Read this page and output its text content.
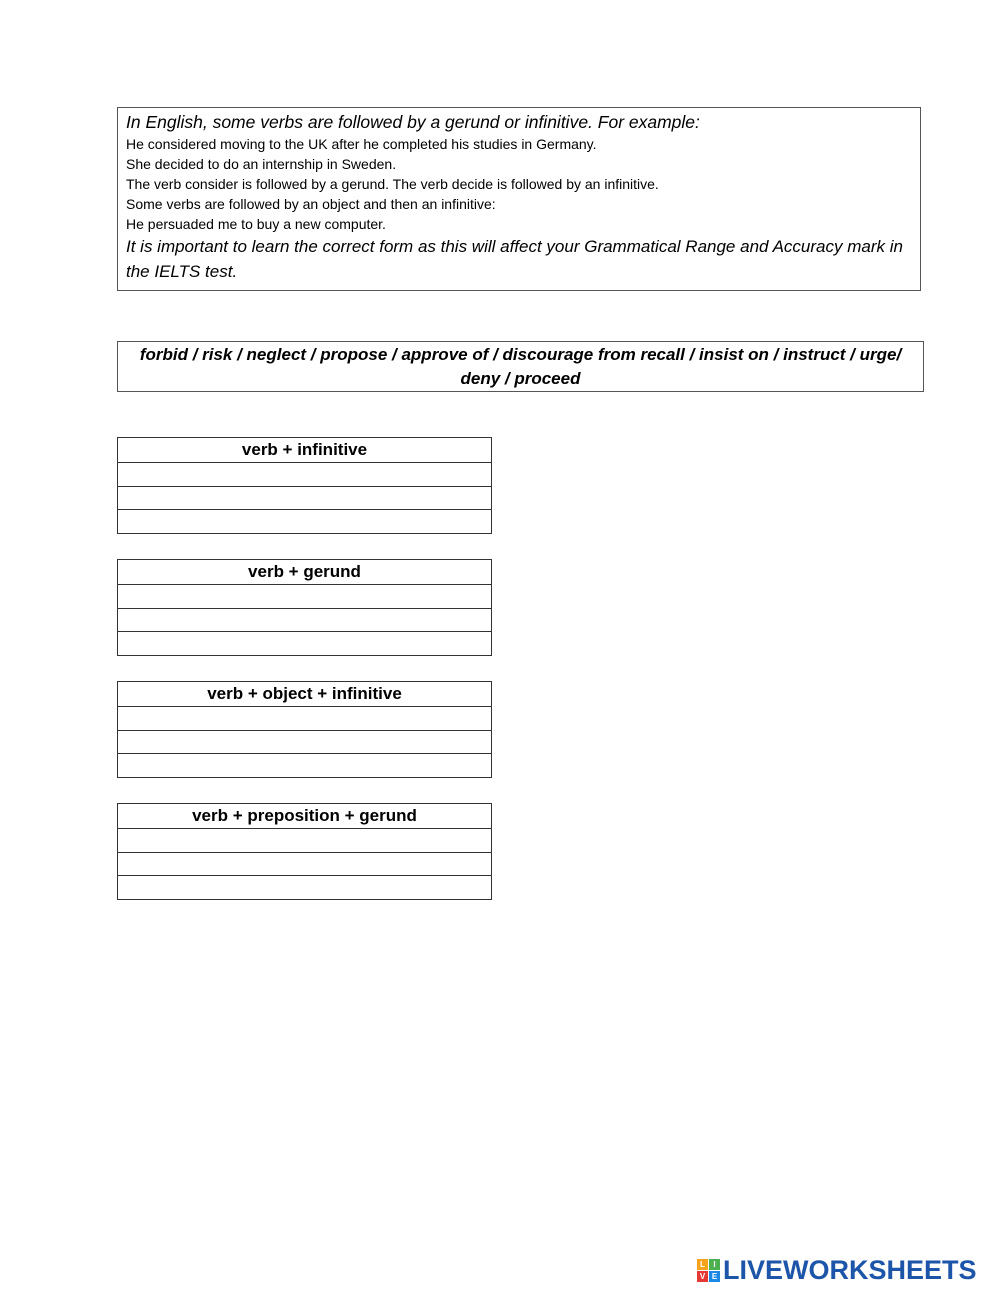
In English, some verbs are followed by a gerund or infinitive. For example:
He considered moving to the UK after he completed his studies in Germany.
She decided to do an internship in Sweden.
The verb consider is followed by a gerund. The verb decide is followed by an infinitive.
Some verbs are followed by an object and then an infinitive:
He persuaded me to buy a new computer.
It is important to learn the correct form as this will affect your Grammatical Range and Accuracy mark in the IELTS test.
forbid / risk / neglect / propose / approve of / discourage from recall / insist on / instruct / urge/
deny / proceed
verb + infinitive

verb + gerund

verb + object + infinitive

verb + preposition + gerund

L	I
V E LIVEWORKSHEETS
